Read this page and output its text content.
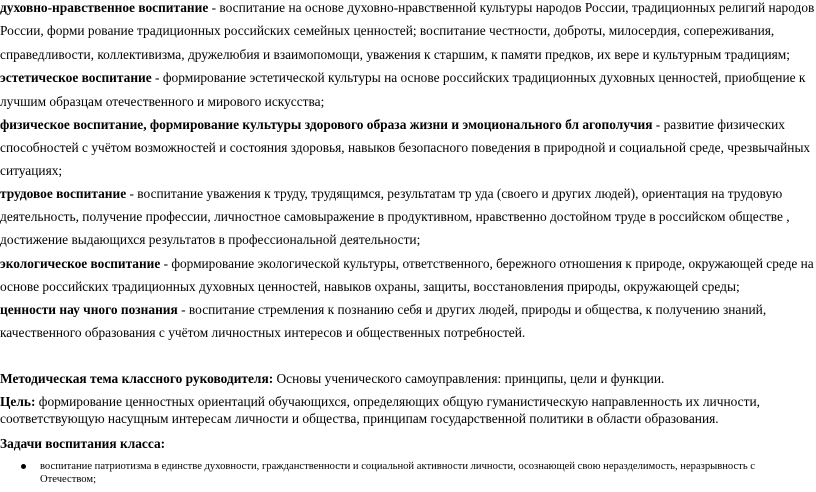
духовно-нравственное воспитание - воспитание на основе духовно-нравственной культуры народов России, традиционных религий народов
России, форми рование традиционных российских семейных ценностей; воспитание честности, доброты, милосердия, сопереживания,
справедливости, коллективизма, дружелюбия и взаимопомощи, уважения к старшим, к памяти предков, их вере и культурным традициям;
эстетическое воспитание - формирование эстетической культуры на основе российских традиционных духовных ценностей, приобщение к
лучшим образцам отечественного и мирового искусства;
физическое воспитание, формирование культуры здорового образа жизни и эмоционального бл агополучия - развитие физических
способностей с учётом возможностей и состояния здоровья, навыков безопасного поведения в природной и социальной среде, чрезвычайных
ситуациях;
трудовое воспитание - воспитание уважения к труду, трудящимся, результатам тр уда (своего и других людей), ориентация на трудовую
деятельность, получение профессии, личностное самовыражение в продуктивном, нравственно достойном труде в российском обществе ,
достижение выдающихся результатов в профессиональной деятельности;
экологическое воспитание - формирование экологической культуры, ответственного, бережного отношения к природе, окружающей среде на
основе российских традиционных духовных ценностей, навыков охраны, защиты, восстановления природы, окружающей среды;
ценности нау чного познания - воспитание стремления к познанию себя и других людей, природы и общества, к получению знаний,
качественного образования с учётом личностных интересов и общественных потребностей.
Методическая тема классного руководителя: Основы ученического самоуправления: принципы, цели и функции.
Цель: формирование ценностных ориентаций обучающихся, определяющих общую гуманистическую направленность их личности,
соответствующую насущным интересам личности и общества, принципам государственной политики в области образования.
Задачи воспитания класса:
воспитание патриотизма в единстве духовности, гражданственности и социальной активности личности, осознающей свою неразделимость, неразрывность с
Отечеством;
